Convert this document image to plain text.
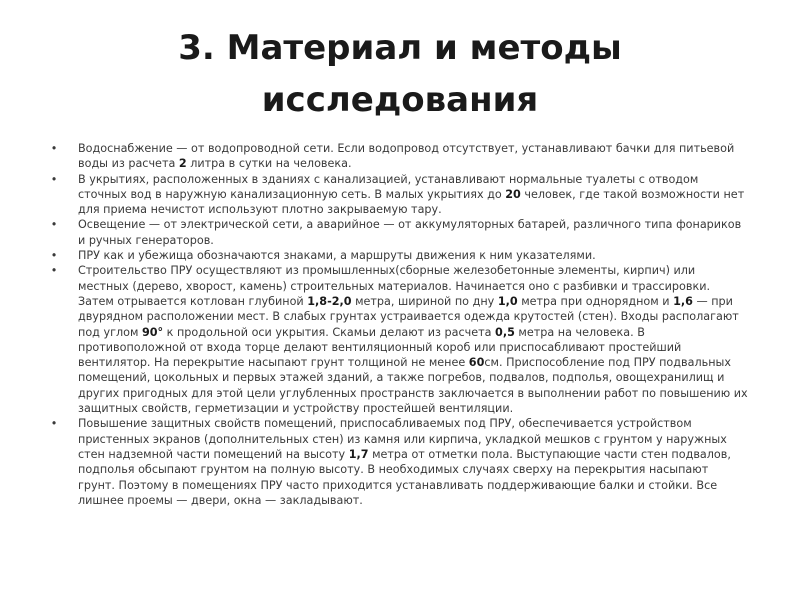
3. Материал и методы исследования
• Водоснабжение — от водопроводной сети. Если водопровод отсутствует, устанавливают бачки для питьевой воды из расчета 2 литра в сутки на человека.
• В укрытиях, расположенных в зданиях с канализацией, устанавливают нормальные туалеты с отводом сточных вод в наружную канализационную сеть. В малых укрытиях до 20 человек, где такой возможности нет для приема нечистот используют плотно закрываемую тару.
• Освещение — от электрической сети, а аварийное — от аккумуляторных батарей, различного типа фонариков и ручных генераторов.
• ПРУ как и убежища обозначаются знаками, а маршруты движения к ним указателями.
• Строительство ПРУ осуществляют из промышленных(сборные железобетонные элементы, кирпич) или местных (дерево, хворост, камень) строительных материалов. Начинается оно с разбивки и трассировки. Затем отрывается котлован глубиной 1,8-2,0 метра, шириной по дну 1,0 метра при однорядном и 1,6 — при двурядном расположении мест. В слабых грунтах устраивается одежда крутостей (стен). Входы располагают под углом 90° к продольной оси укрытия. Скамьи делают из расчета 0,5 метра на человека. В противоположной от входа торце делают вентиляционный короб или приспосабливают простейший вентилятор. На перекрытие насыпают грунт толщиной не менее 60см. Приспособление под ПРУ подвальных помещений, цокольных и первых этажей зданий, а также погребов, подвалов, подполья, овощехранилищ и других пригодных для этой цели углубленных пространств заключается в выполнении работ по повышению их защитных свойств, герметизации и устройству простейшей вентиляции.
• Повышение защитных свойств помещений, приспосабливаемых под ПРУ, обеспечивается устройством пристенных экранов (дополнительных стен) из камня или кирпича, укладкой мешков с грунтом у наружных стен надземной части помещений на высоту 1,7 метра от отметки пола. Выступающие части стен подвалов, подполья обсыпают грунтом на полную высоту. В необходимых случаях сверху на перекрытия насыпают грунт. Поэтому в помещениях ПРУ часто приходится устанавливать поддерживающие балки и стойки. Все лишнее проемы — двери, окна — закладывают.
